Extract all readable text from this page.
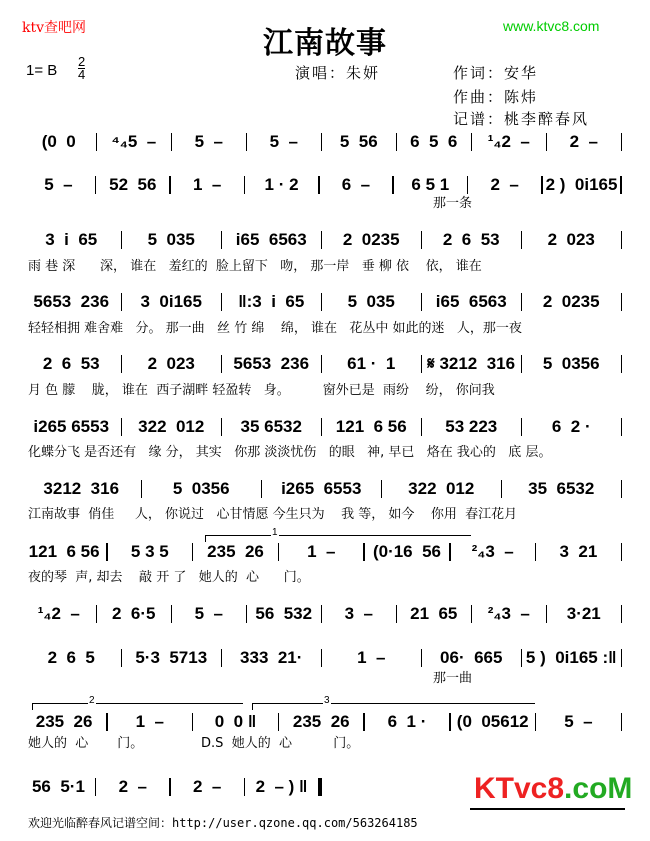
ktv查吧网	www.ktvc8.com
江南故事
1= B
2
4	演唱：朱妍	作词：安华
作曲：陈炜
记谱：桃李醉春风
(0  0	⁴₄5  –	5  –	5  –	5  56	6  5  6	¹₄2  –	2  –
5  –	52  56	1  –	1 · 2	6  –	6 5 1	2  –	2 )  0i165
那一条
3  i  65	5  035	i65  6563	2  0235	2  6  53	2  023
雨 巷 深      深， 谁在   羞红的  脸上留下   吻， 那一岸   垂 柳 依    依， 谁在
5653  236	3  0i165	‖:3  i  65	5  035	i65  6563	2  0235
轻轻相拥 难舍难   分。 那一曲   丝 竹 绵    绵， 谁在   花丛中 如此的迷   人，那一夜
2  6  53	2  023	5653  236	61 ·  1	𝄋 3212  316	5  0356
月 色 朦    胧， 谁在  西子湖畔 轻盈转   身。        窗外已是  雨纷    纷， 你问我
i265 6553	322  012	35 6532	121  6 56	53 223	6  2 ·
化蝶分飞 是否还有   缘 分， 其实   你那 淡淡忧伤   的眼   神, 早已   烙在 我心的   底 层。
3212  316	5  0356	i265  6553	322  012	35  6532
江南故事  俏佳     人， 你说过   心甘情愿 今生只为    我 等， 如今    你用  春江花月
121  6 56	5 3 5	235  26	1  –	(0·16  56	²₄3  –	3  21
夜的琴  声, 却去    敲 开 了   她人的  心      门。
¹₄2  –	2  6·5	5  –	56  532	3  –	21  65	²₄3  –	3·21
2  6  5	5·3  5713	333  21·	1  –	06·  665	5 )  0i165 :‖
那一曲
235  26	1  –	0  0 ‖	235  26	6  1 ·	(0  05612	5  –
她人的  心       门。              D.S  她人的  心          门。
56  5·1	2  –	2  –	2  – ) ‖
1
2	3
KTvc8.coM
欢迎光临醉春风记谱空间：http://user.qzone.qq.com/563264185
